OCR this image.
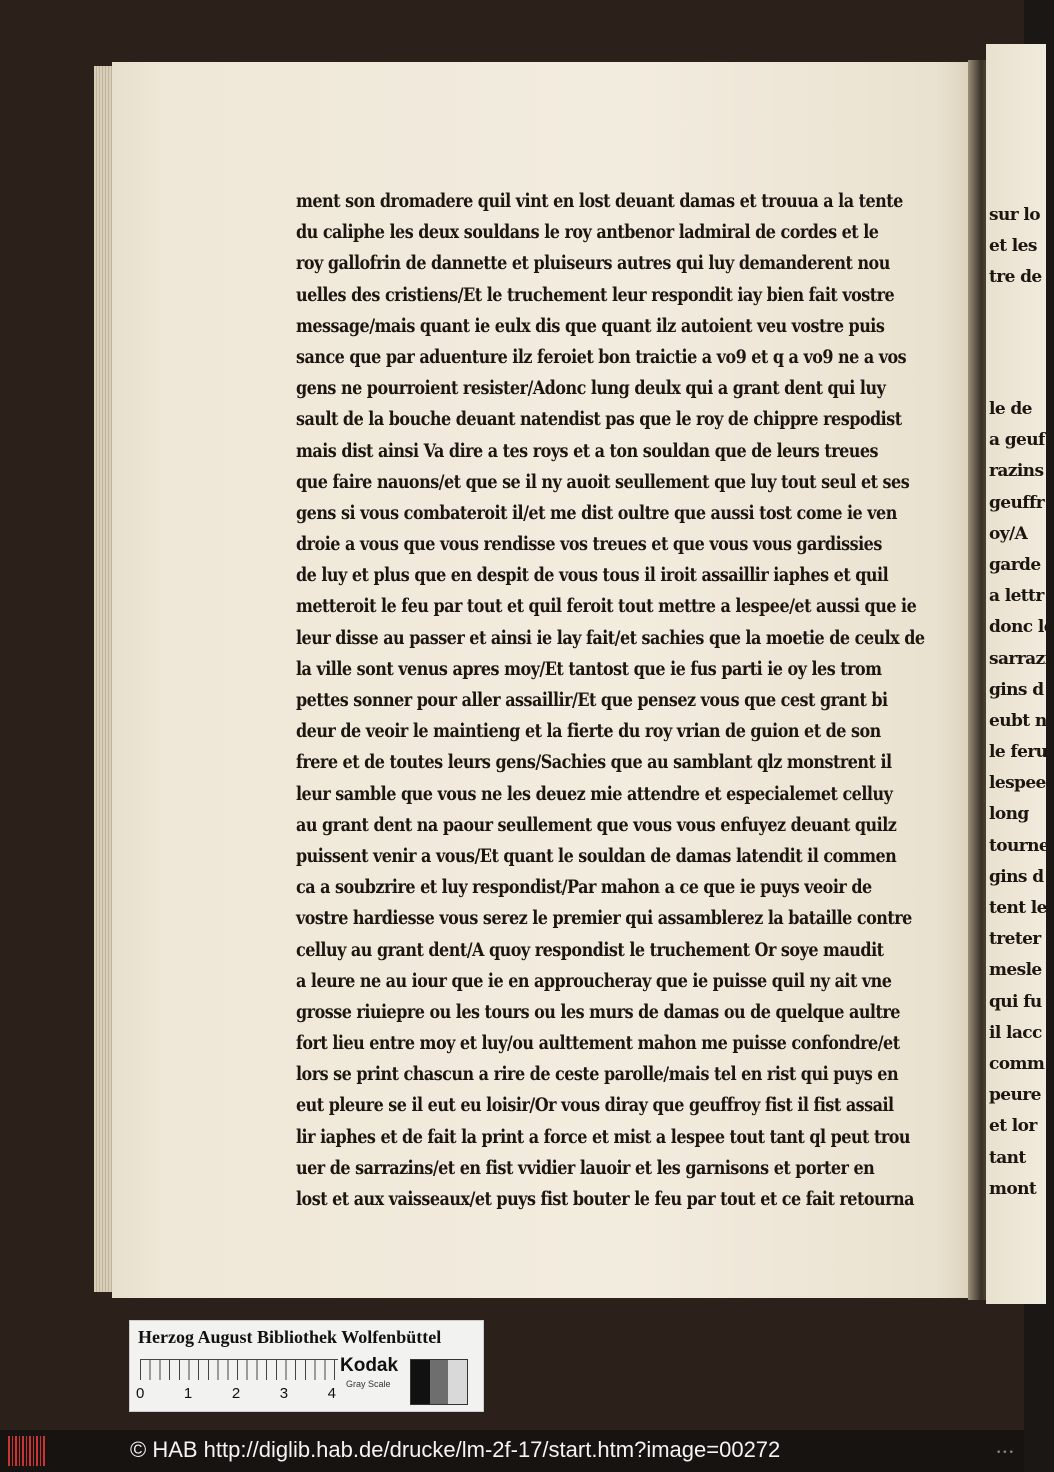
ment son dromadere quil vint en lost deuant damas et trouua a la tente
du caliphe les deux souldans le roy antbenor ladmiral de cordes et le
roy gallofrin de dannette et pluiseurs autres qui luy demanderent nou
uelles des cristiens/Et le truchement leur respondit iay bien fait vostre
message/mais quant ie eulx dis que quant ilz autoient veu vostre puis
sance que par aduenture ilz feroiet bon traictie a vo9 et q a vo9 ne a vos
gens ne pourroient resister/Adonc lung deulx qui a grant dent qui luy
sault de la bouche deuant natendist pas que le roy de chippre respodist
mais dist ainsi Va dire a tes roys et a ton souldan que de leurs treues
que faire nauons/et que se il ny auoit seullement que luy tout seul et ses
gens si vous combateroit il/et me dist oultre que aussi tost come ie ven
droie a vous que vous rendisse vos treues et que vous vous gardissies
de luy et plus que en despit de vous tous il iroit assaillir iaphes et quil
metteroit le feu par tout et quil feroit tout mettre a lespee/et aussi que ie
leur disse au passer et ainsi ie lay fait/et sachies que la moetie de ceulx de
la ville sont venus apres moy/Et tantost que ie fus parti ie oy les trom
pettes sonner pour aller assaillir/Et que pensez vous que cest grant bi
deur de veoir le maintieng et la fierte du roy vrian de guion et de son
frere et de toutes leurs gens/Sachies que au samblant qlz monstrent il
leur samble que vous ne les deuez mie attendre et especialemet celluy
au grant dent na paour seullement que vous vous enfuyez deuant quilz
puissent venir a vous/Et quant le souldan de damas latendit il commen
ca a soubzrire et luy respondist/Par mahon a ce que ie puys veoir de
vostre hardiesse vous serez le premier qui assamblerez la bataille contre
celluy au grant dent/A quoy respondist le truchement Or soye maudit
a leure ne au iour que ie en approucheray que ie puisse quil ny ait vne
grosse riuiepre ou les tours ou les murs de damas ou de quelque aultre
fort lieu entre moy et luy/ou aulttement mahon me puisse confondre/et
lors se print chascun a rire de ceste parolle/mais tel en rist qui puys en
eut pleure se il eut eu loisir/Or vous diray que geuffroy fist il fist assail
lir iaphes et de fait la print a force et mist a lespee tout tant ql peut trou
uer de sarrazins/et en fist vvidier lauoir et les garnisons et porter en
lost et aux vaisseaux/et puys fist bouter le feu par tout et ce fait retourna
sur lo
et les
tre de
le de
a geuf
razins
geuffr
oy/A
garde
a lettr
donc le
sarrazi
gins d
eubt n
le feru
lespee
long
tourne
gins d
tent le
treter
mesle
qui fu
il lacc
comm
peure
et lor
tant
mont
Herzog August Bibliothek Wolfenbüttel
0	1	2	3	4
Kodak
Gray Scale
© HAB http://diglib.hab.de/drucke/lm-2f-17/start.htm?image=00272	•••
